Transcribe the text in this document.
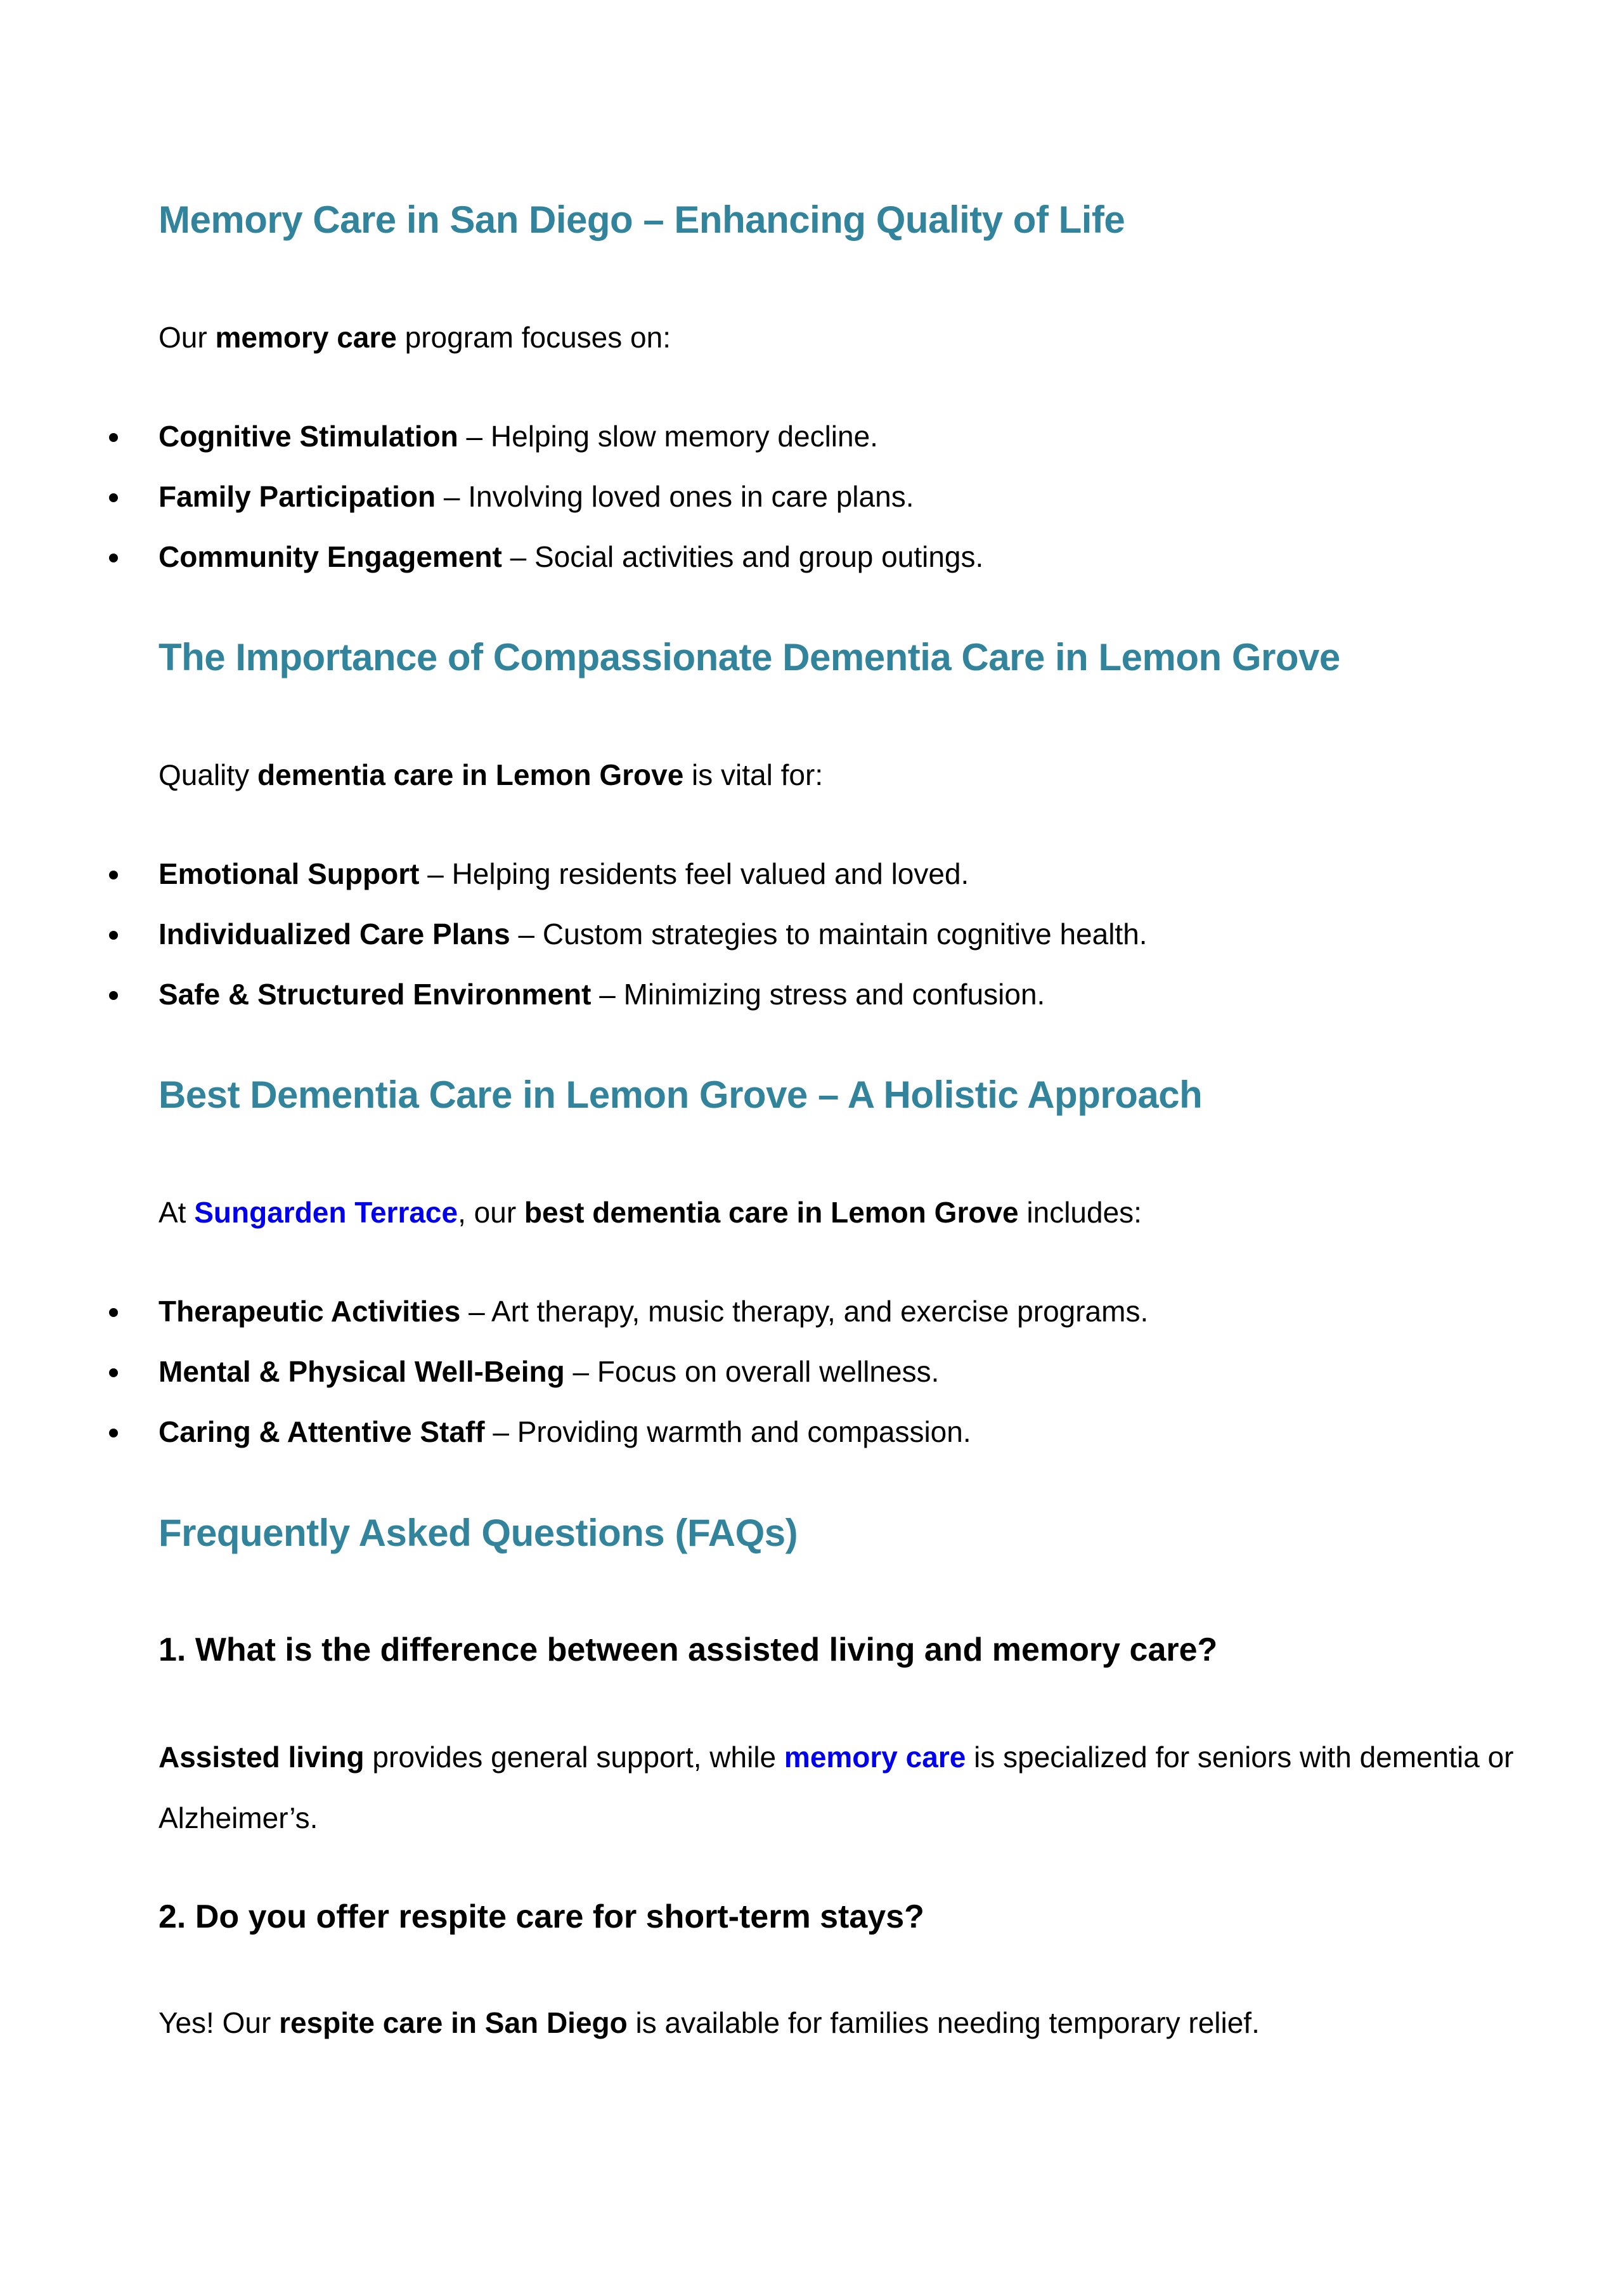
Memory Care in San Diego – Enhancing Quality of Life

Our memory care program focuses on:

Cognitive Stimulation – Helping slow memory decline.
Family Participation – Involving loved ones in care plans.
Community Engagement – Social activities and group outings.
The Importance of Compassionate Dementia Care in Lemon Grove

Quality dementia care in Lemon Grove is vital for:

Emotional Support – Helping residents feel valued and loved.
Individualized Care Plans – Custom strategies to maintain cognitive health.
Safe & Structured Environment – Minimizing stress and confusion.
Best Dementia Care in Lemon Grove – A Holistic Approach

At Sungarden Terrace, our best dementia care in Lemon Grove includes:

Therapeutic Activities – Art therapy, music therapy, and exercise programs.
Mental & Physical Well-Being – Focus on overall wellness.
Caring & Attentive Staff – Providing warmth and compassion.
Frequently Asked Questions (FAQs)
1. What is the difference between assisted living and memory care?

Assisted living provides general support, while memory care is specialized for seniors with dementia or Alzheimer’s.

2. Do you offer respite care for short-term stays?

Yes! Our respite care in San Diego is available for families needing temporary relief.
